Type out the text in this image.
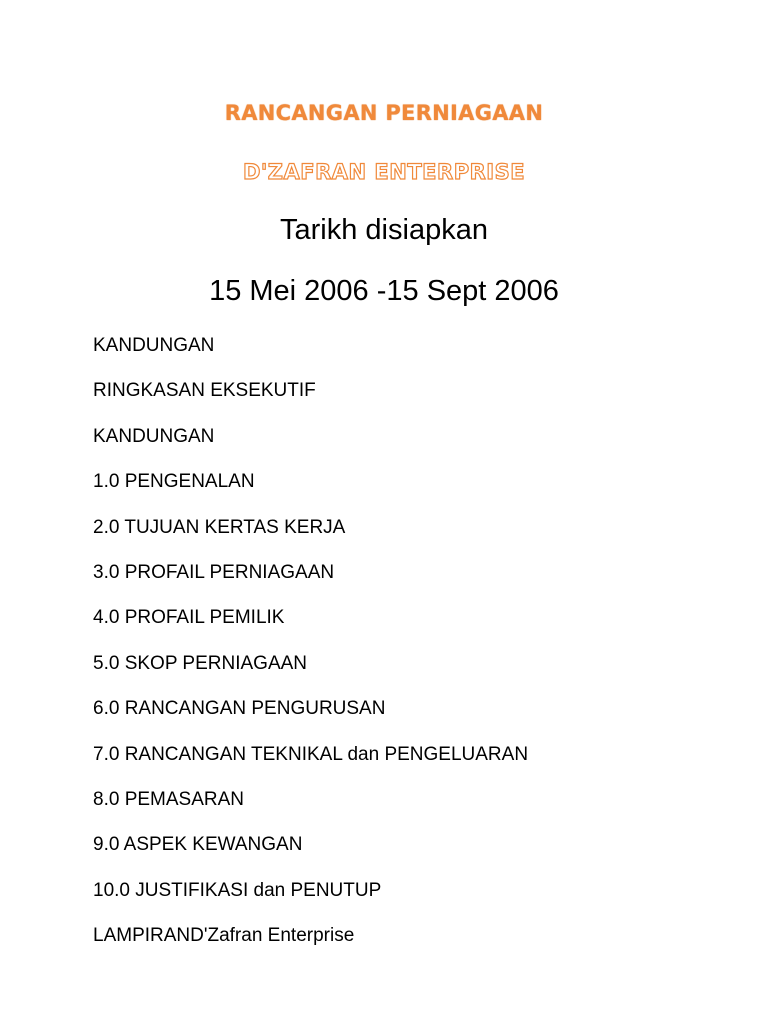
RANCANGAN PERNIAGAAN
D'ZAFRAN ENTERPRISE
Tarikh disiapkan
15 Mei 2006 -15 Sept 2006
KANDUNGAN
RINGKASAN EKSEKUTIF
KANDUNGAN
1.0 PENGENALAN
2.0 TUJUAN KERTAS KERJA
3.0 PROFAIL PERNIAGAAN
4.0 PROFAIL PEMILIK
5.0 SKOP PERNIAGAAN
6.0 RANCANGAN PENGURUSAN
7.0 RANCANGAN TEKNIKAL dan PENGELUARAN
8.0 PEMASARAN
9.0 ASPEK KEWANGAN
10.0 JUSTIFIKASI dan PENUTUP
LAMPIRAND'Zafran Enterprise
